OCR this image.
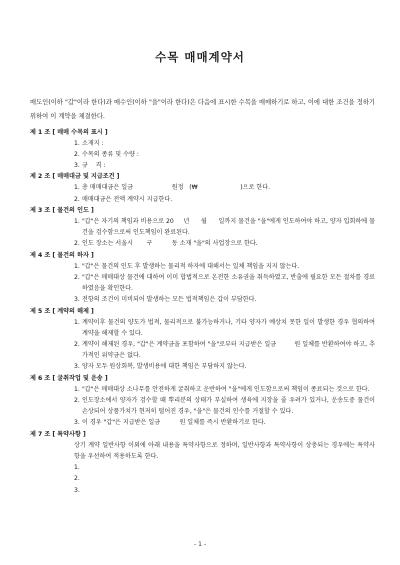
수목 매매계약서
매도인(이하 "갑"이라 한다)과 매수인(이하 "을"이라 한다)은 다음에 표시한 수목을 매매하기로 하고, 이에 대한 조건을 정하기 위하여 이 계약을 체결한다.
제 1 조 [ 매매 수목의 표시 ]
1. 소재지 :
2. 수목의 종류 및 수량 :
3. 규    격 :
제 2 조 [ 매매대금 및 지급조건 ]
1. 총 매매대금은 일금                    원정   (₩                      )으로 한다.
2. 매매대금은 전액 계약시 지급한다.
제 3 조 [ 물건의 인도 ]
1. "갑"은 자기의 책임과 비용으로 20     년      월      일까지 물건을 "을"에게 인도하여야 하고, 양자 입회하에 물건을 검수함으로써 인도책임이 완료된다.
2. 인도 장소는 서울시       구          동 소재 "을"의 사업장으로 한다.
제 4 조 [ 물건의 하자 ]
1. "갑"은 물건의 인도 후 발생하는 물리적 하자에 대해서는 일체 책임을 지지 않는다.
2. "갑"은 매매대상 물건에 대하여 이미 합법적으로 온전한 소유권을 취득하였고, 반출에 필요한 모든 절차를 경료하였음을 확인한다.
3. 전항의 조건이 미비되어 발생하는 모든 법적책임은 갑이 부담한다.
제 5 조 [ 계약의 해제 ]
1. 계약이후 물건의 양도가 법적, 물리적으로 불가능하거나, 기타 양자가 예상치 못한 일이 발생한 경우 협의하여 계약을 해제할 수 있다.
2. 계약이 해제된 경우, "갑"은 계약금을 포함하여 "을"로부터 지급받은 일금         원 일체를 반환하여야 하고, 추가적인 위약금은 없다.
3. 양자 모두 원상회복, 발생비용에 대한 책임은 부담하지 않는다.
제 6 조 [ 굴취작업 및 운송 ]
1. "갑"은 매매대상 소나무를 안전하게 굴취하고 운반하여 "을"에게 인도함으로써 책임이 종료되는 것으로 한다.
2. 인도장소에서 양자가 검수할 때 뿌리분의 상태가 부실하여 생육에 지장을 줄 우려가 있거나, 운송도중 물건이 손상되어 상품가치가 현저히 떨어진 경우, "을"은 물건의 인수를 거절할 수 있다.
3. 이 경우 "갑"은 지급받은 일금          원 일체를 즉시 반환하기로 한다.
제 7 조 [ 특약사항 ]
상기 계약 일반사항 이외에 아래 내용을 특약사항으로 정하며, 일반사항과 특약사항이 상충되는 경우에는 특약사항을 우선하여 적용하도록 한다.
1.
2.
3.
- 1 -
